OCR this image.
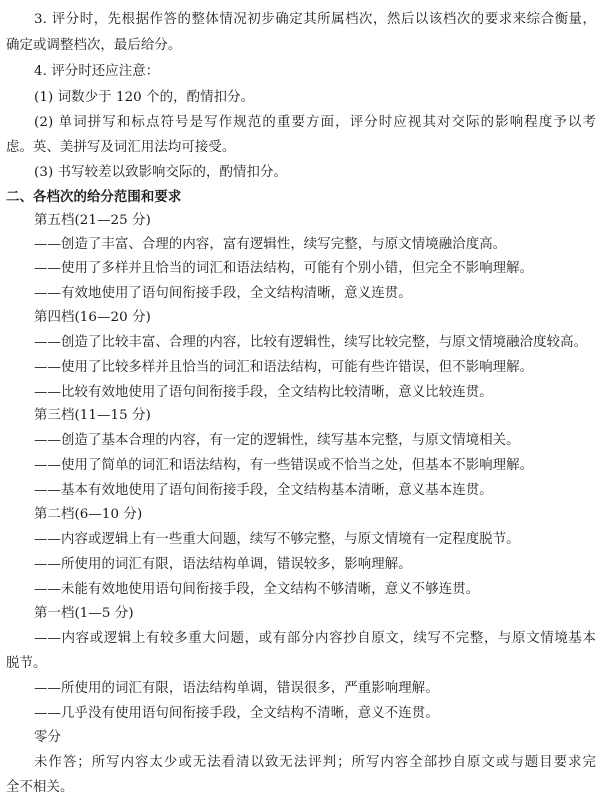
3. 评分时，先根据作答的整体情况初步确定其所属档次，然后以该档次的要求来综合衡量，
确定或调整档次，最后给分。
4. 评分时还应注意：
(1) 词数少于 120 个的，酌情扣分。
(2) 单词拼写和标点符号是写作规范的重要方面，评分时应视其对交际的影响程度予以考
虑。英、美拼写及词汇用法均可接受。
(3) 书写较差以致影响交际的，酌情扣分。
二、各档次的给分范围和要求
第五档(21—25 分)
——创造了丰富、合理的内容，富有逻辑性，续写完整，与原文情境融洽度高。
——使用了多样并且恰当的词汇和语法结构，可能有个别小错，但完全不影响理解。
——有效地使用了语句间衔接手段，全文结构清晰，意义连贯。
第四档(16—20 分)
——创造了比较丰富、合理的内容，比较有逻辑性，续写比较完整，与原文情境融洽度较高。
——使用了比较多样并且恰当的词汇和语法结构，可能有些许错误，但不影响理解。
——比较有效地使用了语句间衔接手段，全文结构比较清晰，意义比较连贯。
第三档(11—15 分)
——创造了基本合理的内容，有一定的逻辑性，续写基本完整，与原文情境相关。
——使用了简单的词汇和语法结构，有一些错误或不恰当之处，但基本不影响理解。
——基本有效地使用了语句间衔接手段，全文结构基本清晰，意义基本连贯。
第二档(6—10 分)
——内容或逻辑上有一些重大问题，续写不够完整，与原文情境有一定程度脱节。
——所使用的词汇有限，语法结构单调，错误较多，影响理解。
——未能有效地使用语句间衔接手段，全文结构不够清晰，意义不够连贯。
第一档(1—5 分)
——内容或逻辑上有较多重大问题，或有部分内容抄自原文，续写不完整，与原文情境基本
脱节。
——所使用的词汇有限，语法结构单调，错误很多，严重影响理解。
——几乎没有使用语句间衔接手段，全文结构不清晰，意义不连贯。
零分
未作答；所写内容太少或无法看清以致无法评判；所写内容全部抄自原文或与题目要求完
全不相关。
